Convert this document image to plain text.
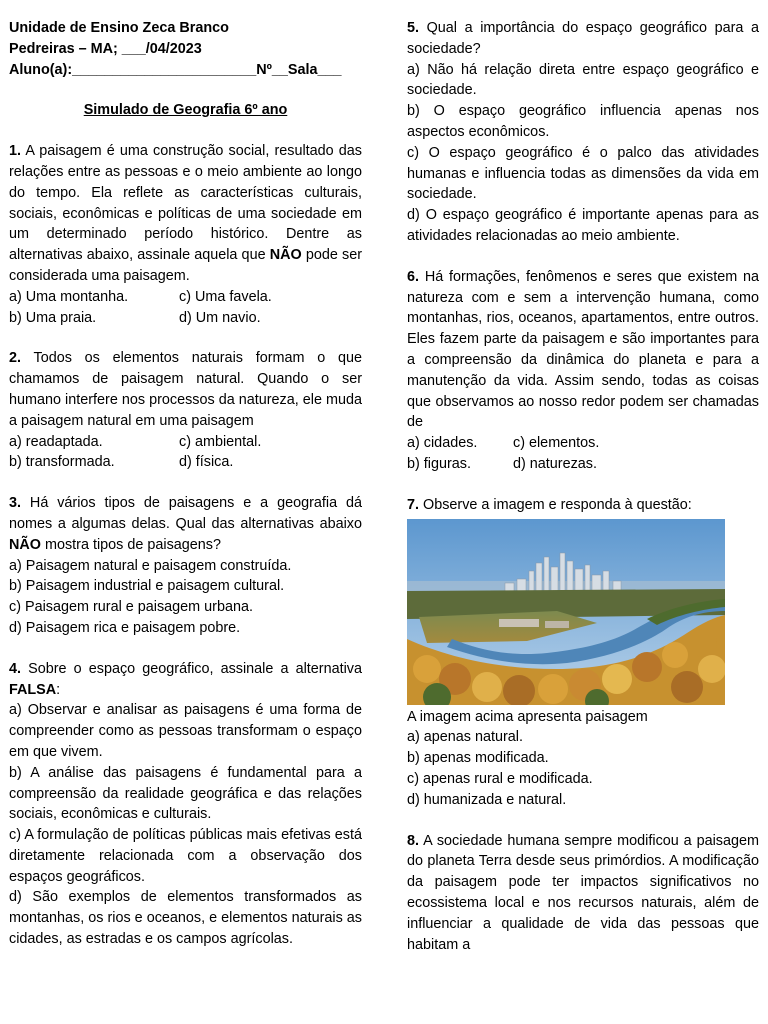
Unidade de Ensino Zeca Branco
Pedreiras – MA; ___/04/2023
Aluno(a):_______________________Nº__Sala___
Simulado de Geografia 6º ano
1. A paisagem é uma construção social, resultado das relações entre as pessoas e o meio ambiente ao longo do tempo. Ela reflete as características culturais, sociais, econômicas e políticas de uma sociedade em um determinado período histórico. Dentre as alternativas abaixo, assinale aquela que NÃO pode ser considerada uma paisagem.
a) Uma montanha.	c) Uma favela.
b) Uma praia.	d) Um navio.
2. Todos os elementos naturais formam o que chamamos de paisagem natural. Quando o ser humano interfere nos processos da natureza, ele muda a paisagem natural em uma paisagem
a) readaptada.	c) ambiental.
b) transformada.	d) física.
3. Há vários tipos de paisagens e a geografia dá nomes a algumas delas. Qual das alternativas abaixo NÃO mostra tipos de paisagens?
a) Paisagem natural e paisagem construída.
b) Paisagem industrial e paisagem cultural.
c) Paisagem rural e paisagem urbana.
d) Paisagem rica e paisagem pobre.
4. Sobre o espaço geográfico, assinale a alternativa FALSA:
a) Observar e analisar as paisagens é uma forma de compreender como as pessoas transformam o espaço em que vivem.
b) A análise das paisagens é fundamental para a compreensão da realidade geográfica e das relações sociais, econômicas e culturais.
c) A formulação de políticas públicas mais efetivas está diretamente relacionada com a observação dos espaços geográficos.
d) São exemplos de elementos transformados as montanhas, os rios e oceanos, e elementos naturais as cidades, as estradas e os campos agrícolas.
5. Qual a importância do espaço geográfico para a sociedade?
a) Não há relação direta entre espaço geográfico e sociedade.
b) O espaço geográfico influencia apenas nos aspectos econômicos.
c) O espaço geográfico é o palco das atividades humanas e influencia todas as dimensões da vida em sociedade.
d) O espaço geográfico é importante apenas para as atividades relacionadas ao meio ambiente.
6. Há formações, fenômenos e seres que existem na natureza com e sem a intervenção humana, como montanhas, rios, oceanos, apartamentos, entre outros. Eles fazem parte da paisagem e são importantes para a compreensão da dinâmica do planeta e para a manutenção da vida. Assim sendo, todas as coisas que observamos ao nosso redor podem ser chamadas de
a) cidades.	c) elementos.
b) figuras.	d) naturezas.
7. Observe a imagem e responda à questão:
A imagem acima apresenta paisagem
a) apenas natural.
b) apenas modificada.
c) apenas rural e modificada.
d) humanizada e natural.
8. A sociedade humana sempre modificou a paisagem do planeta Terra desde seus primórdios. A modificação da paisagem pode ter impactos significativos no ecossistema local e nos recursos naturais, além de influenciar a qualidade de vida das pessoas que habitam a
